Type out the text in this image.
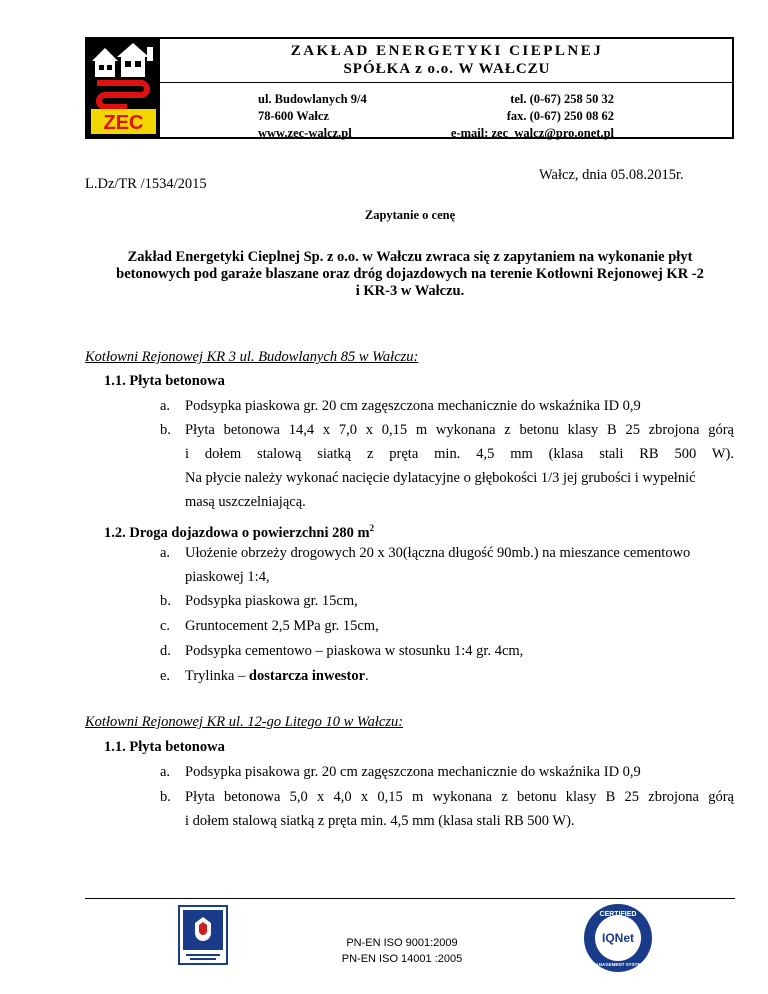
ZEC
ZAKŁAD ENERGETYKI CIEPLNEJ
SPÓŁKA z o.o. W WAŁCZU
ul. Budowlanych 9/4
78-600 Wałcz
www.zec-walcz.pl
tel. (0-67) 258 50 32
fax. (0-67) 250 08 62
e-mail: zec_walcz@pro.onet.pl
Wałcz, dnia 05.08.2015r.
L.Dz/TR /1534/2015
Zapytanie o cenę
Zakład Energetyki Cieplnej Sp. z o.o. w Wałczu zwraca się z zapytaniem na wykonanie płyt
betonowych pod garaże blaszane oraz dróg dojazdowych na terenie Kotłowni Rejonowej KR -2
i KR-3 w Wałczu.
Kotłowni Rejonowej KR 3 ul. Budowlanych 85 w Wałczu:
1.1. Płyta betonowa
a. Podsypka piaskowa gr. 20 cm zagęszczona mechanicznie do wskaźnika ID 0,9
b. Płyta betonowa 14,4 x 7,0 x 0,15 m wykonana z betonu klasy B 25 zbrojona górą
i dołem stalową siatką z pręta min. 4,5 mm (klasa stali RB 500 W).
Na płycie należy wykonać nacięcie dylatacyjne o głębokości 1/3 jej grubości i wypełnić
masą uszczelniającą.
1.2. Droga dojazdowa o powierzchni 280 $m^2$
a. Ułożenie obrzeży drogowych 20 x 30(łączna długość 90mb.) na mieszance cementowo
piaskowej 1:4,
b. Podsypka piaskowa gr. 15cm,
c. Gruntocement 2,5 MPa gr. 15cm,
d. Podsypka cementowo – piaskowa w stosunku 1:4 gr. 4cm,
e. Trylinka – dostarcza inwestor.
Kotłowni Rejonowej KR ul. 12-go Litego 10 w Wałczu:
1.1. Płyta betonowa
a. Podsypka pisakowa gr. 20 cm zagęszczona mechanicznie do wskaźnika ID 0,9
b. Płyta betonowa 5,0 x 4,0 x 0,15 m wykonana z betonu klasy B 25 zbrojona górą
i dołem stalową siatką z pręta min. 4,5 mm (klasa stali RB 500 W).
PN-EN ISO 9001:2009
PN-EN ISO 14001 :2005
CERTIFIED
IQNet
MANAGEMENT SYSTEM
